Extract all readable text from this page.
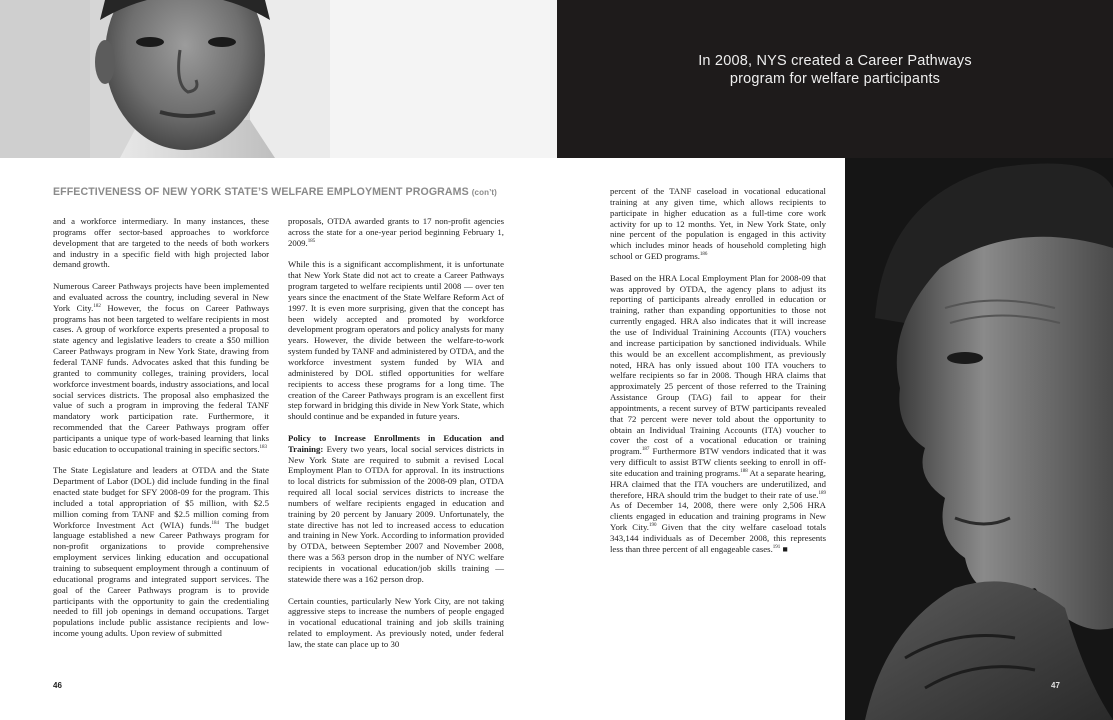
In 2008, NYS created a Career Pathways
program for welfare participants
47
EFFECTIVENESS OF NEW YORK STATE’S WELFARE EMPLOYMENT PROGRAMS (con’t)

and a workforce intermediary. In many instances, these programs offer sector-based approaches to workforce development that are targeted to the needs of both workers and industry in a specific field with high projected labor demand growth.

Numerous Career Pathways projects have been implemented and evaluated across the country, including several in New York City.$^{182}$ However, the focus on Career Pathways programs has not been targeted to welfare recipients in most cases. A group of workforce experts presented a proposal to state agency and legislative leaders to create a $50 million Career Pathways program in New York State, drawing from federal TANF funds. Advocates asked that this funding be granted to community colleges, training providers, local workforce investment boards, industry associations, and local social services districts. The proposal also emphasized the value of such a program in improving the federal TANF mandatory work participation rate. Furthermore, it recommended that the Career Pathways program offer participants a unique type of work-based learning that links basic education to occupational training in specific sectors.$^{183}$

The State Legislature and leaders at OTDA and the State Department of Labor (DOL) did include funding in the final enacted state budget for SFY 2008-09 for the program. This included a total appropriation of $5 million, with $2.5 million coming from TANF and $2.5 million coming from Workforce Investment Act (WIA) funds.$^{184}$ The budget language established a new Career Pathways program for non-profit organizations to provide comprehensive employment services linking education and occupational training to subsequent employment through a continuum of educational programs and integrated support services. The goal of the Career Pathways program is to provide participants with the opportunity to gain the credentialing needed to fill job openings in demand occupations. Target populations include public assistance recipients and low-income young adults. Upon review of submitted

proposals, OTDA awarded grants to 17 non-profit agencies across the state for a one-year period beginning February 1, 2009.$^{185}$

While this is a significant accomplishment, it is unfortunate that New York State did not act to create a Career Pathways program targeted to welfare recipients until 2008 — over ten years since the enactment of the State Welfare Reform Act of 1997. It is even more surprising, given that the concept has been widely accepted and promoted by workforce development program operators and policy analysts for many years. However, the divide between the welfare-to-work system funded by TANF and administered by OTDA, and the workforce investment system funded by WIA and administered by DOL stifled opportunities for welfare recipients to access these programs for a long time. The creation of the Career Pathways program is an excellent first step forward in bridging this divide in New York State, which should continue and be expanded in future years.

Policy to Increase Enrollments in Education and Training: Every two years, local social services districts in New York State are required to submit a revised Local Employment Plan to OTDA for approval. In its instructions to local districts for submission of the 2008-09 plan, OTDA required all local social services districts to increase the numbers of welfare recipients engaged in education and training by 20 percent by January 2009. Unfortunately, the state directive has not led to increased access to education and training in New York. According to information provided by OTDA, between September 2007 and November 2008, there was a 563 person drop in the number of NYC welfare recipients in vocational education/job skills training — statewide there was a 162 person drop.

Certain counties, particularly New York City, are not taking aggressive steps to increase the numbers of people engaged in vocational educational training and job skills training related to employment. As previously noted, under federal law, the state can place up to 30

percent of the TANF caseload in vocational educational training at any given time, which allows recipients to participate in higher education as a full-time core work activity for up to 12 months. Yet, in New York State, only nine percent of the population is engaged in this activity which includes minor heads of household completing high school or GED programs.$^{186}$

Based on the HRA Local Employment Plan for 2008-09 that was approved by OTDA, the agency plans to adjust its reporting of participants already enrolled in education or training, rather than expanding opportunities to those not currently engaged. HRA also indicates that it will increase the use of Individual Trainining Accounts (ITA) vouchers and increase participation by sanctioned individuals. While this would be an excellent accomplishment, as previously noted, HRA has only issued about 100 ITA vouchers to welfare recipients so far in 2008. Though HRA claims that approximately 25 percent of those referred to the Training Assistance Group (TAG) fail to appear for their appointments, a recent survey of BTW participants revealed that 72 percent were never told about the opportunity to obtain an Individual Training Accounts (ITA) voucher to cover the cost of a vocational education or training program.$^{187}$ Furthermore BTW vendors indicated that it was very difficult to assist BTW clients seeking to enroll in off-site education and training programs.$^{188}$ At a separate hearing, HRA claimed that the ITA vouchers are underutilized, and therefore, HRA should trim the budget to their rate of use.$^{189}$ As of December 14, 2008, there were only 2,506 HRA clients engaged in education and training programs in New York City.$^{190}$ Given that the city welfare caseload totals 343,144 individuals as of December 2008, this represents less than three percent of all engageable cases.$^{191}$ ■

46
